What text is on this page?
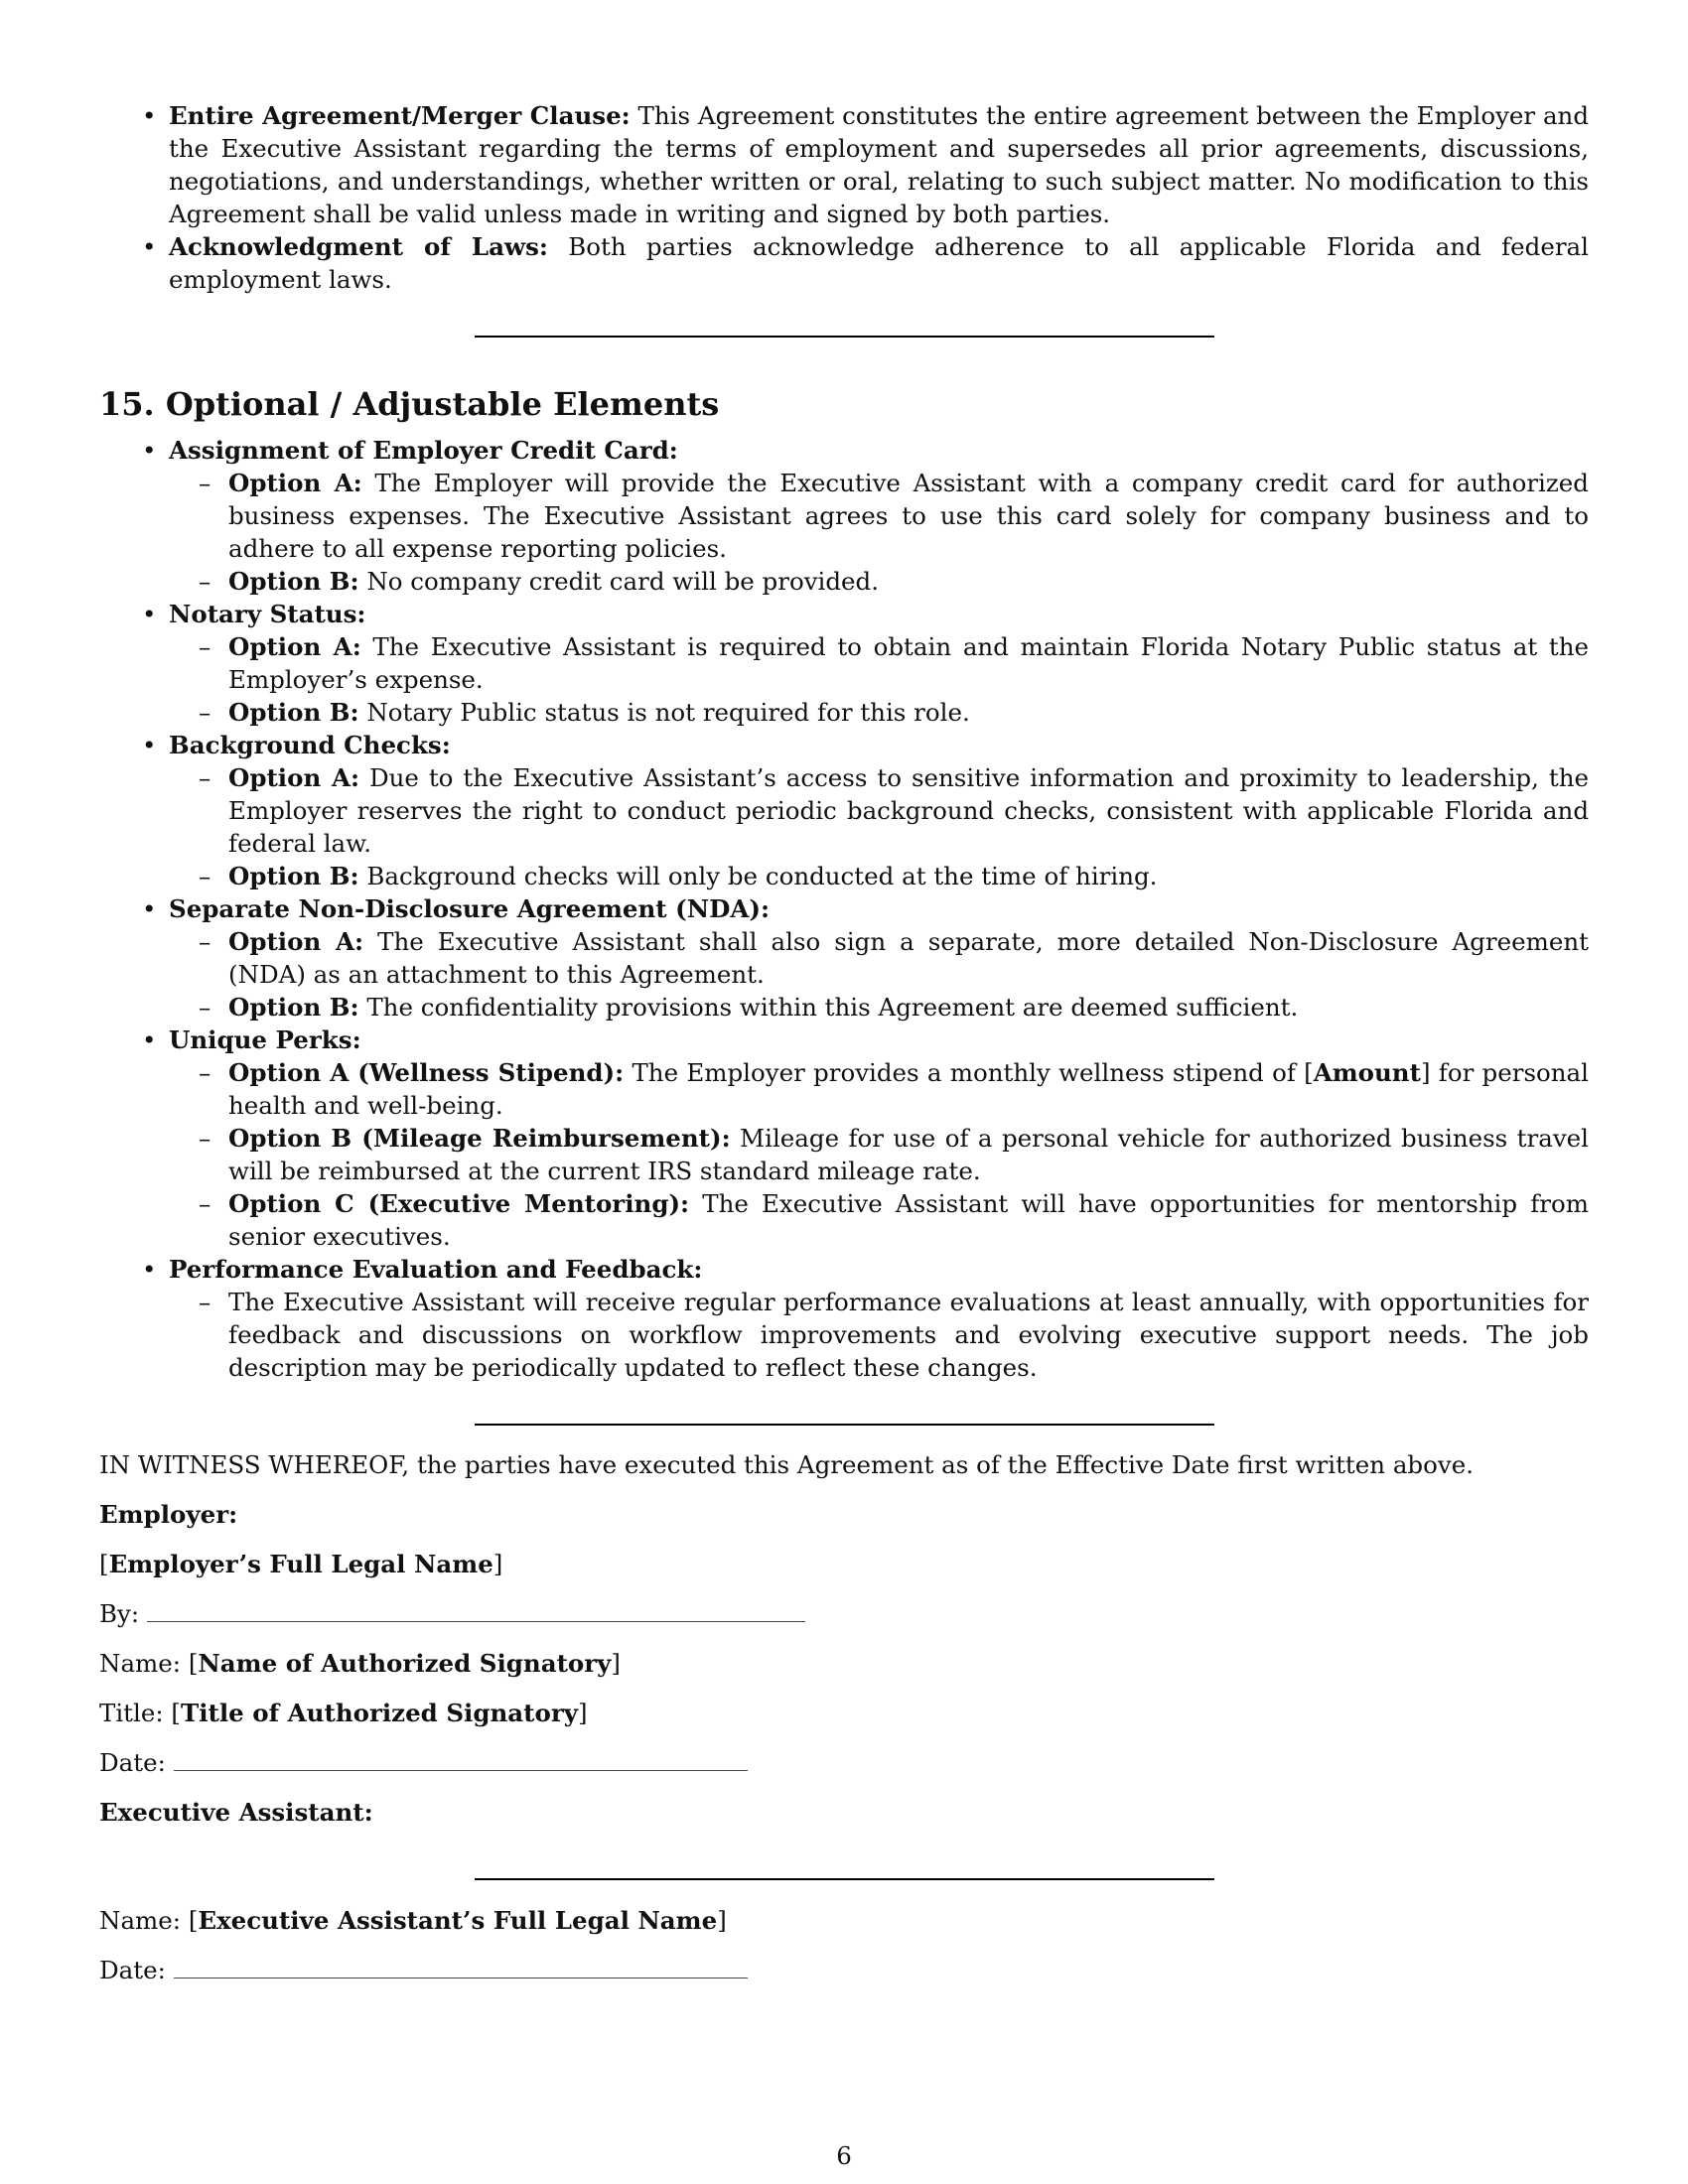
• Entire Agreement/Merger Clause: This Agreement constitutes the entire agreement between the Employer and the Executive Assistant regarding the terms of employment and supersedes all prior agreements, discussions, negotiations, and understandings, whether written or oral, relating to such subject matter. No modification to this Agreement shall be valid unless made in writing and signed by both parties.
• Acknowledgment of Laws: Both parties acknowledge adherence to all applicable Florida and federal employment laws.
15. Optional / Adjustable Elements
• Assignment of Employer Credit Card:
– Option A: The Employer will provide the Executive Assistant with a company credit card for authorized business expenses. The Executive Assistant agrees to use this card solely for company business and to adhere to all expense reporting policies.
– Option B: No company credit card will be provided.
• Notary Status:
– Option A: The Executive Assistant is required to obtain and maintain Florida Notary Public status at the Employer’s expense.
– Option B: Notary Public status is not required for this role.
• Background Checks:
– Option A: Due to the Executive Assistant’s access to sensitive information and proximity to leadership, the Employer reserves the right to conduct periodic background checks, consistent with applicable Florida and federal law.
– Option B: Background checks will only be conducted at the time of hiring.
• Separate Non-Disclosure Agreement (NDA):
– Option A: The Executive Assistant shall also sign a separate, more detailed Non-Disclosure Agreement (NDA) as an attachment to this Agreement.
– Option B: The confidentiality provisions within this Agreement are deemed sufficient.
• Unique Perks:
– Option A (Wellness Stipend): The Employer provides a monthly wellness stipend of [Amount] for personal health and well-being.
– Option B (Mileage Reimbursement): Mileage for use of a personal vehicle for authorized business travel will be reimbursed at the current IRS standard mileage rate.
– Option C (Executive Mentoring): The Executive Assistant will have opportunities for mentorship from senior executives.
• Performance Evaluation and Feedback:
– The Executive Assistant will receive regular performance evaluations at least annually, with opportunities for feedback and discussions on workflow improvements and evolving executive support needs. The job description may be periodically updated to reflect these changes.
IN WITNESS WHEREOF, the parties have executed this Agreement as of the Effective Date first written above.
Employer:
[Employer’s Full Legal Name]
By:
Name: [Name of Authorized Signatory]
Title: [Title of Authorized Signatory]
Date:
Executive Assistant:
Name: [Executive Assistant’s Full Legal Name]
Date:
6
